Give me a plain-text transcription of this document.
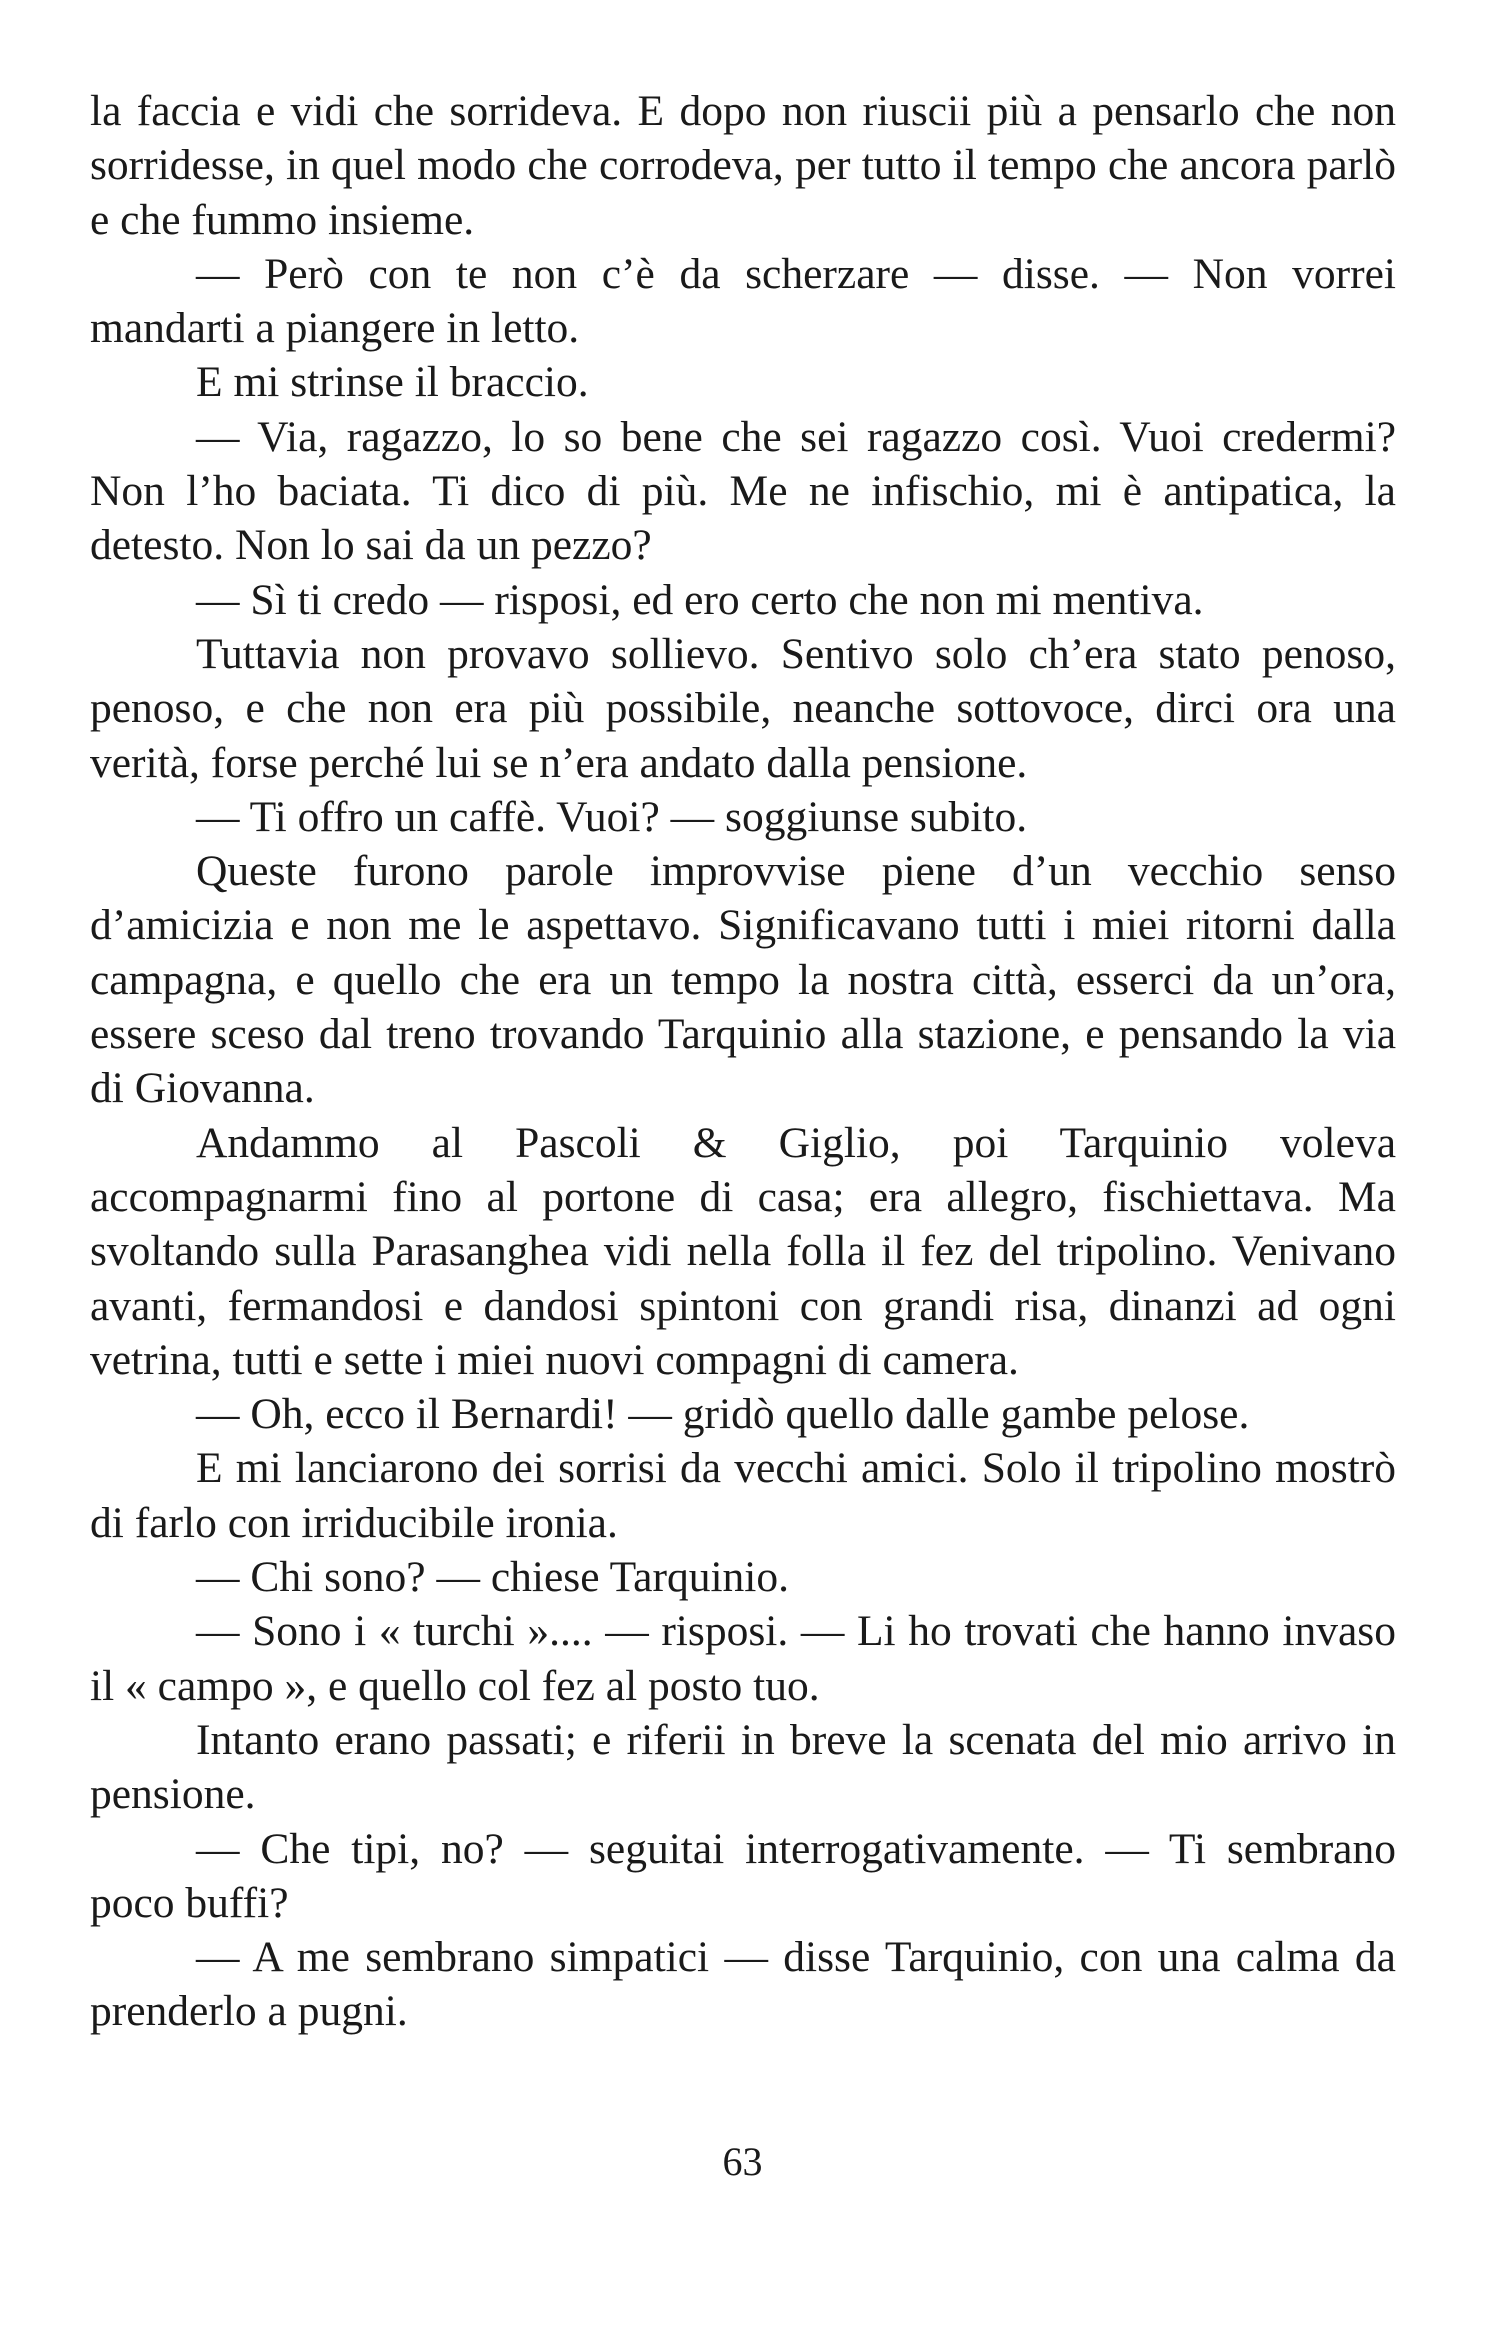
la faccia e vidi che sorrideva. E dopo non riuscii più a pensarlo che non sorridesse, in quel modo che corrodeva, per tutto il tempo che ancora parlò e che fummo insieme.

— Però con te non c’è da scherzare — disse. — Non vorrei mandarti a piangere in letto.

E mi strinse il braccio.

— Via, ragazzo, lo so bene che sei ragazzo così. Vuoi credermi? Non l’ho baciata. Ti dico di più. Me ne infischio, mi è antipatica, la detesto. Non lo sai da un pezzo?

— Sì ti credo — risposi, ed ero certo che non mi mentiva.

Tuttavia non provavo sollievo. Sentivo solo ch’era stato penoso, penoso, e che non era più possibile, neanche sottovoce, dirci ora una verità, forse perché lui se n’era andato dalla pensione.

— Ti offro un caffè. Vuoi? — soggiunse subito.

Queste furono parole improvvise piene d’un vecchio senso d’amicizia e non me le aspettavo. Significavano tutti i miei ritorni dalla campagna, e quello che era un tempo la nostra città, esserci da un’ora, essere sceso dal treno trovando Tarquinio alla stazione, e pensando la via di Giovanna.

Andammo al Pascoli & Giglio, poi Tarquinio voleva accompagnarmi fino al portone di casa; era allegro, fischiettava. Ma svoltando sulla Parasanghea vidi nella folla il fez del tripolino. Venivano avanti, fermandosi e dandosi spintoni con grandi risa, dinanzi ad ogni vetrina, tutti e sette i miei nuovi compagni di camera.

— Oh, ecco il Bernardi! — gridò quello dalle gambe pelose.

E mi lanciarono dei sorrisi da vecchi amici. Solo il tripolino mostrò di farlo con irriducibile ironia.

— Chi sono? — chiese Tarquinio.

— Sono i « turchi ».... — risposi. — Li ho trovati che hanno invaso il « campo », e quello col fez al posto tuo.

Intanto erano passati; e riferii in breve la scenata del mio arrivo in pensione.

— Che tipi, no? — seguitai interrogativamente. — Ti sembrano poco buffi?

— A me sembrano simpatici — disse Tarquinio, con una calma da prenderlo a pugni.

63
